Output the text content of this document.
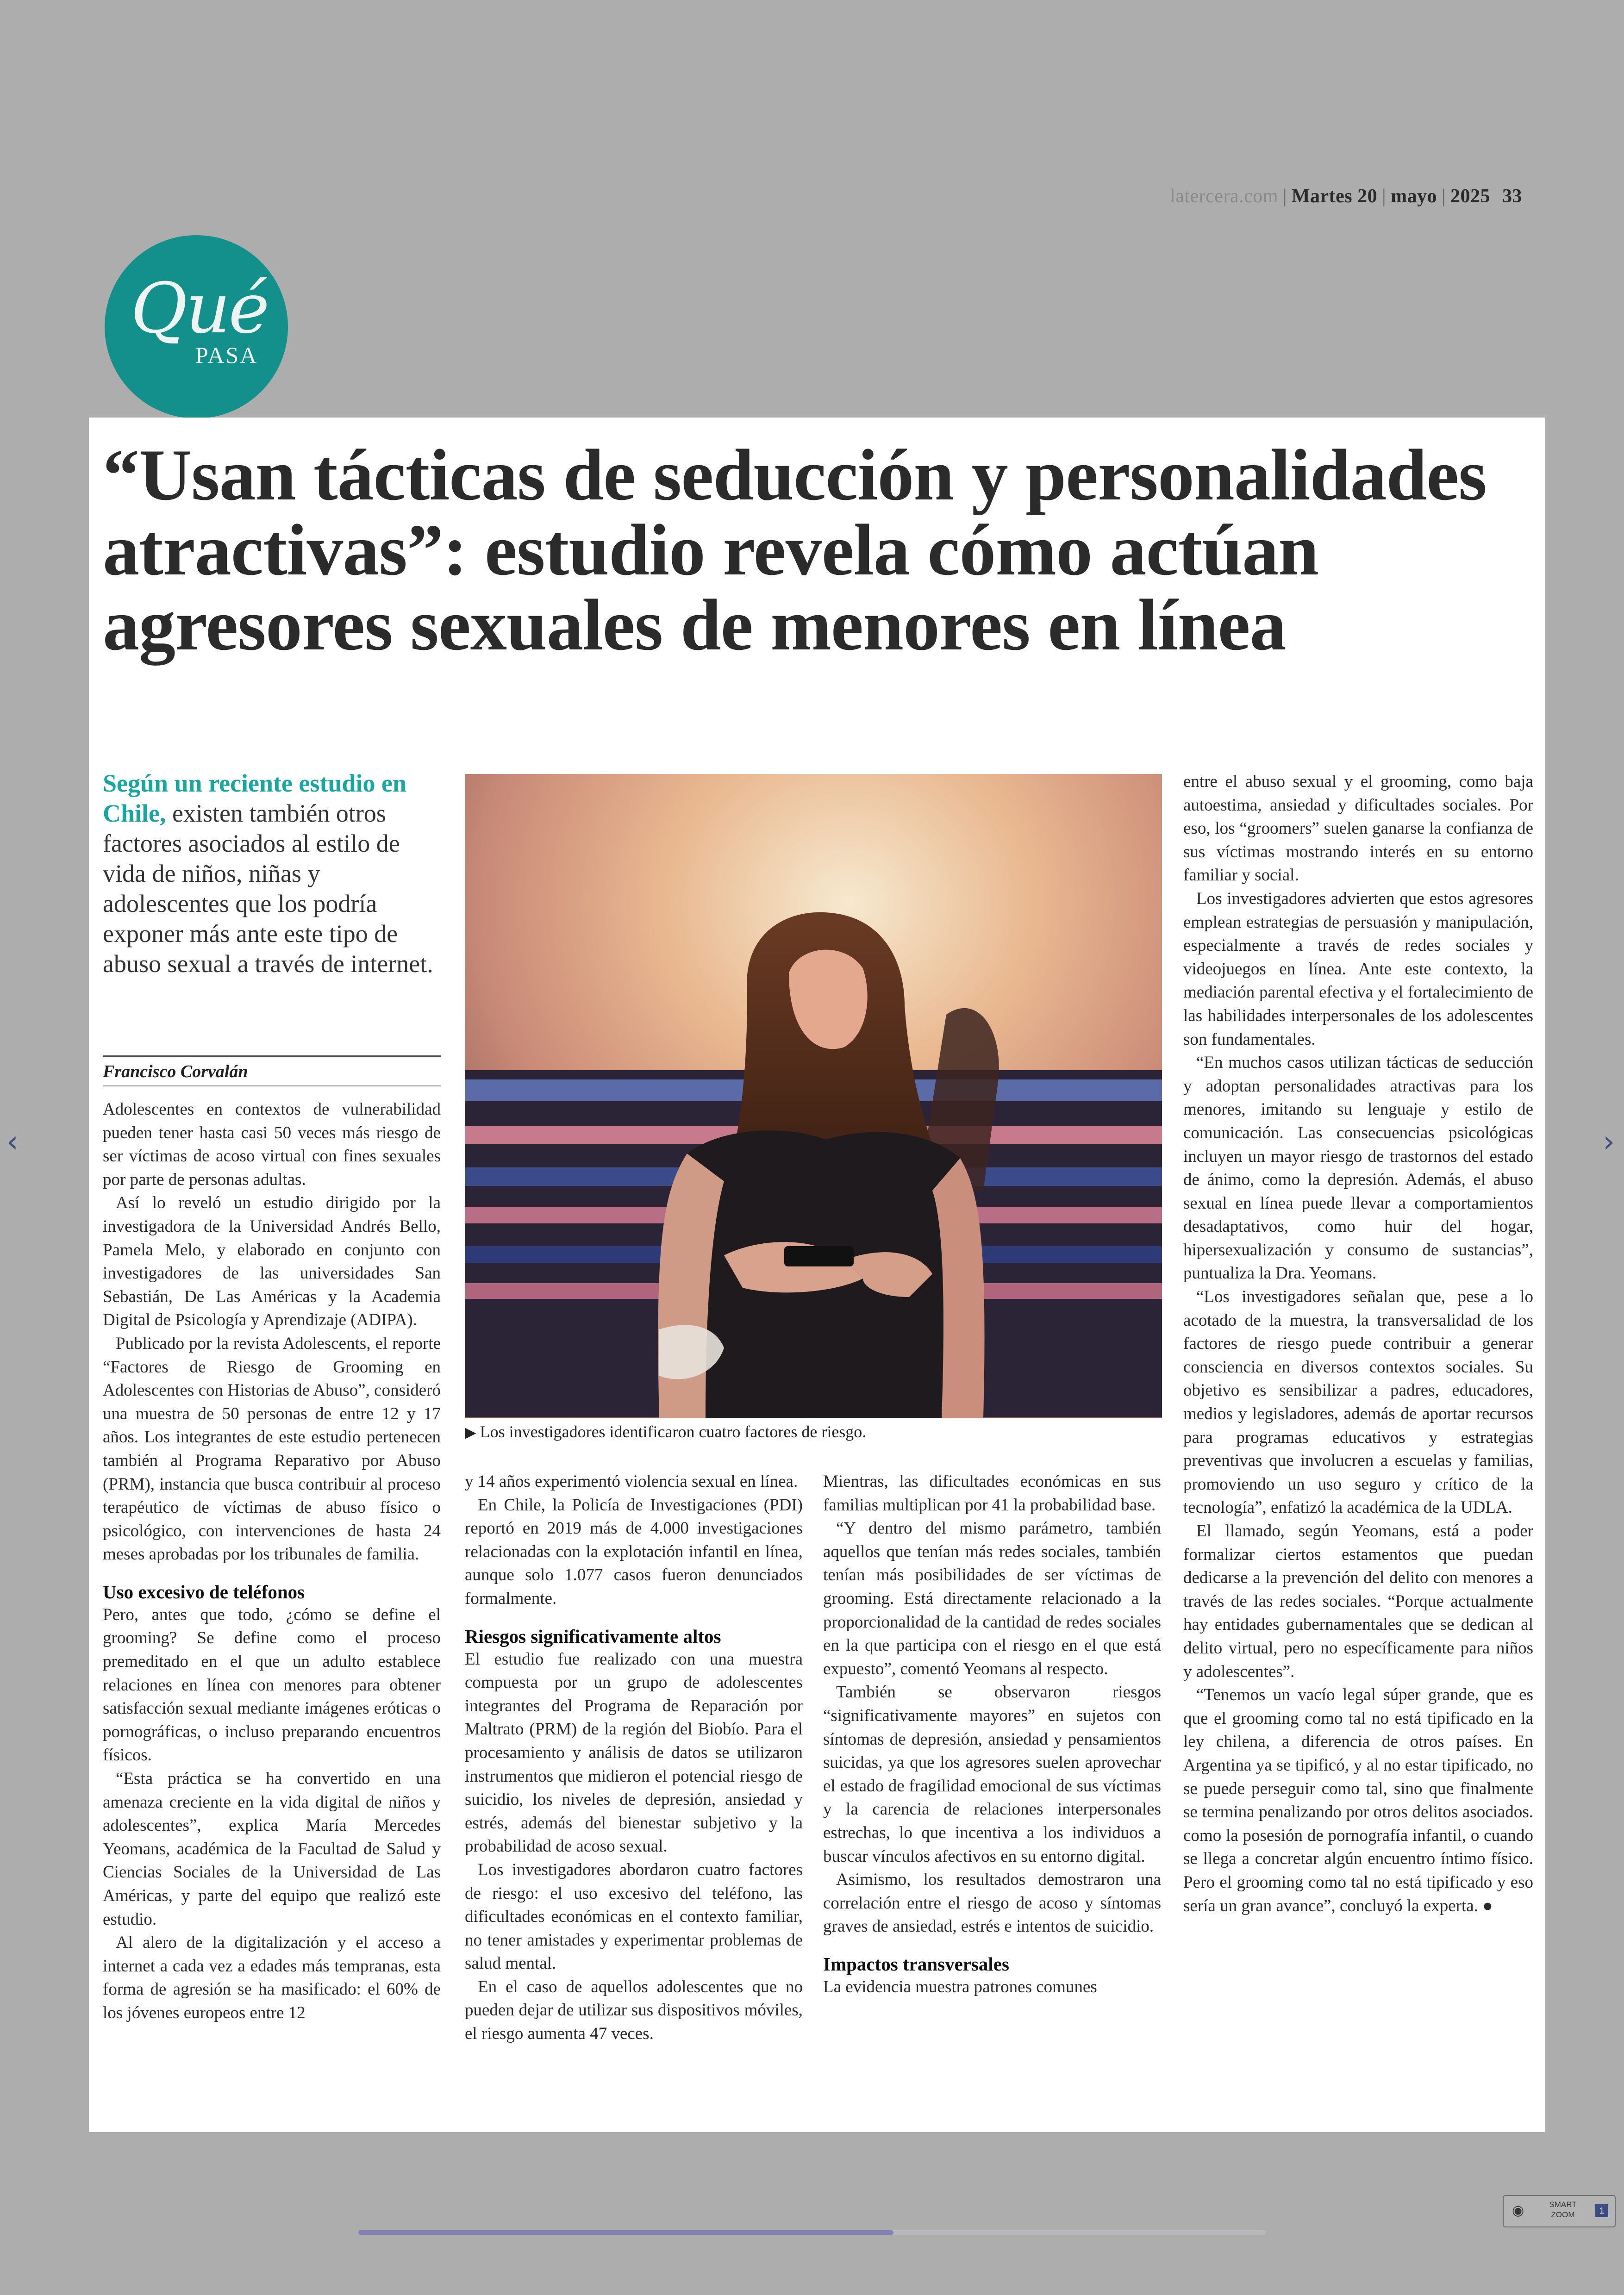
latercera.com | Martes 20 | mayo | 2025 33
Qué
PASA
“Usan tácticas de seducción y personalidades atractivas”: estudio revela cómo actúan agresores sexuales de menores en línea
Según un reciente estudio en Chile, existen también otros factores asociados al estilo de vida de niños, niñas y adolescentes que los podría exponer más ante este tipo de abuso sexual a través de internet.
Francisco Corvalán

Adolescentes en contextos de vulnerabilidad pueden tener hasta casi 50 veces más riesgo de ser víctimas de acoso virtual con fines sexuales por parte de personas adultas.

Así lo reveló un estudio dirigido por la investigadora de la Universidad Andrés Bello, Pamela Melo, y elaborado en conjunto con investigadores de las universidades San Sebastián, De Las Américas y la Academia Digital de Psicología y Aprendizaje (ADIPA).

Publicado por la revista Adolescents, el reporte “Factores de Riesgo de Grooming en Adolescentes con Historias de Abuso”, consideró una muestra de 50 personas de entre 12 y 17 años. Los integrantes de este estudio pertenecen también al Programa Reparativo por Abuso (PRM), instancia que busca contribuir al proceso terapéutico de víctimas de abuso físico o psicológico, con intervenciones de hasta 24 meses aprobadas por los tribunales de familia.

Uso excesivo de teléfonos

Pero, antes que todo, ¿cómo se define el grooming? Se define como el proceso premeditado en el que un adulto establece relaciones en línea con menores para obtener satisfacción sexual mediante imágenes eróticas o pornográficas, o incluso preparando encuentros físicos.

“Esta práctica se ha convertido en una amenaza creciente en la vida digital de niños y adolescentes”, explica María Mercedes Yeomans, académica de la Facultad de Salud y Ciencias Sociales de la Universidad de Las Américas, y parte del equipo que realizó este estudio.

Al alero de la digitalización y el acceso a internet a cada vez a edades más tempranas, esta forma de agresión se ha masificado: el 60% de los jóvenes europeos entre 12

▶ Los investigadores identificaron cuatro factores de riesgo.

y 14 años experimentó violencia sexual en línea.

En Chile, la Policía de Investigaciones (PDI) reportó en 2019 más de 4.000 investigaciones relacionadas con la explotación infantil en línea, aunque solo 1.077 casos fueron denunciados formalmente.

Riesgos significativamente altos

El estudio fue realizado con una muestra compuesta por un grupo de adolescentes integrantes del Programa de Reparación por Maltrato (PRM) de la región del Biobío. Para el procesamiento y análisis de datos se utilizaron instrumentos que midieron el potencial riesgo de suicidio, los niveles de depresión, ansiedad y estrés, además del bienestar subjetivo y la probabilidad de acoso sexual.

Los investigadores abordaron cuatro factores de riesgo: el uso excesivo del teléfono, las dificultades económicas en el contexto familiar, no tener amistades y experimentar problemas de salud mental.

En el caso de aquellos adolescentes que no pueden dejar de utilizar sus dispositivos móviles, el riesgo aumenta 47 veces.

Mientras, las dificultades económicas en sus familias multiplican por 41 la probabilidad base.

“Y dentro del mismo parámetro, también aquellos que tenían más redes sociales, también tenían más posibilidades de ser víctimas de grooming. Está directamente relacionado a la proporcionalidad de la cantidad de redes sociales en la que participa con el riesgo en el que está expuesto”, comentó Yeomans al respecto.

También se observaron riesgos “significativamente mayores” en sujetos con síntomas de depresión, ansiedad y pensamientos suicidas, ya que los agresores suelen aprovechar el estado de fragilidad emocional de sus víctimas y la carencia de relaciones interpersonales estrechas, lo que incentiva a los individuos a buscar vínculos afectivos en su entorno digital.

Asimismo, los resultados demostraron una correlación entre el riesgo de acoso y síntomas graves de ansiedad, estrés e intentos de suicidio.

Impactos transversales

La evidencia muestra patrones comunes

entre el abuso sexual y el grooming, como baja autoestima, ansiedad y dificultades sociales. Por eso, los “groomers” suelen ganarse la confianza de sus víctimas mostrando interés en su entorno familiar y social.

Los investigadores advierten que estos agresores emplean estrategias de persuasión y manipulación, especialmente a través de redes sociales y videojuegos en línea. Ante este contexto, la mediación parental efectiva y el fortalecimiento de las habilidades interpersonales de los adolescentes son fundamentales.

“En muchos casos utilizan tácticas de seducción y adoptan personalidades atractivas para los menores, imitando su lenguaje y estilo de comunicación. Las consecuencias psicológicas incluyen un mayor riesgo de trastornos del estado de ánimo, como la depresión. Además, el abuso sexual en línea puede llevar a comportamientos desadaptativos, como huir del hogar, hipersexualización y consumo de sustancias”, puntualiza la Dra. Yeomans.

“Los investigadores señalan que, pese a lo acotado de la muestra, la transversalidad de los factores de riesgo puede contribuir a generar consciencia en diversos contextos sociales. Su objetivo es sensibilizar a padres, educadores, medios y legisladores, además de aportar recursos para programas educativos y estrategias preventivas que involucren a escuelas y familias, promoviendo un uso seguro y crítico de la tecnología”, enfatizó la académica de la UDLA.

El llamado, según Yeomans, está a poder formalizar ciertos estamentos que puedan dedicarse a la prevención del delito con menores a través de las redes sociales. “Porque actualmente hay entidades gubernamentales que se dedican al delito virtual, pero no específicamente para niños y adolescentes”.

“Tenemos un vacío legal súper grande, que es que el grooming como tal no está tipificado en la ley chilena, a diferencia de otros países. En Argentina ya se tipificó, y al no estar tipificado, no se puede perseguir como tal, sino que finalmente se termina penalizando por otros delitos asociados. como la posesión de pornografía infantil, o cuando se llega a concretar algún encuentro íntimo físico. Pero el grooming como tal no está tipificado y eso sería un gran avance”, concluyó la experta. ●

‹	›
◉	SMART ZOOM	1
